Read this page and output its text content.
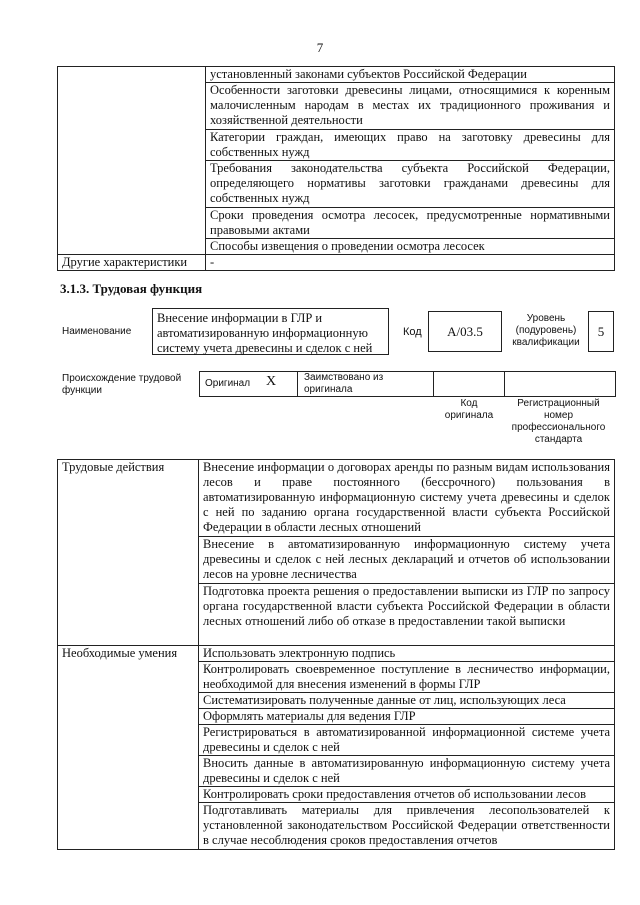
7
	установленный законами субъектов Российской Федерации
	Особенности заготовки древесины лицами, относящимися к коренным малочисленным народам в местах их традиционного проживания и хозяйственной деятельности
	Категории граждан, имеющих право на заготовку древесины для собственных нужд
	Требования законодательства субъекта Российской Федерации, определяющего нормативы заготовки гражданами древесины для собственных нужд
	Сроки проведения осмотра лесосек, предусмотренные нормативными правовыми актами
	Способы извещения о проведении осмотра лесосек
Другие характеристики	-
3.1.3. Трудовая функция
Наименование
Внесение информации в ГЛР и автоматизированную информационную систему учета древесины и сделок с ней
Код	A/03.5
Уровень (подуровень) квалификации
5
Происхождение трудовой функции
Оригинал X	Заимствовано из оригинала
Код оригинала
Регистрационный номер профессионального стандарта
Трудовые действия	Внесение информации о договорах аренды по разным видам использования лесов и праве постоянного (бессрочного) пользования в автоматизированную информационную систему учета древесины и сделок с ней по заданию органа государственной власти субъекта Российской Федерации в области лесных отношений
	Внесение в автоматизированную информационную систему учета древесины и сделок с ней лесных деклараций и отчетов об использовании лесов на уровне лесничества
	Подготовка проекта решения о предоставлении выписки из ГЛР по запросу органа государственной власти субъекта Российской Федерации в области лесных отношений либо об отказе в предоставлении такой выписки
Необходимые умения	Использовать электронную подпись
	Контролировать своевременное поступление в лесничество информации, необходимой для внесения изменений в формы ГЛР
	Систематизировать полученные данные от лиц, использующих леса
	Оформлять материалы для ведения ГЛР
	Регистрироваться в автоматизированной информационной системе учета древесины и сделок с ней
	Вносить данные в автоматизированную информационную систему учета древесины и сделок с ней
	Контролировать сроки предоставления отчетов об использовании лесов
	Подготавливать материалы для привлечения лесопользователей к установленной законодательством Российской Федерации ответственности в случае несоблюдения сроков предоставления отчетов
